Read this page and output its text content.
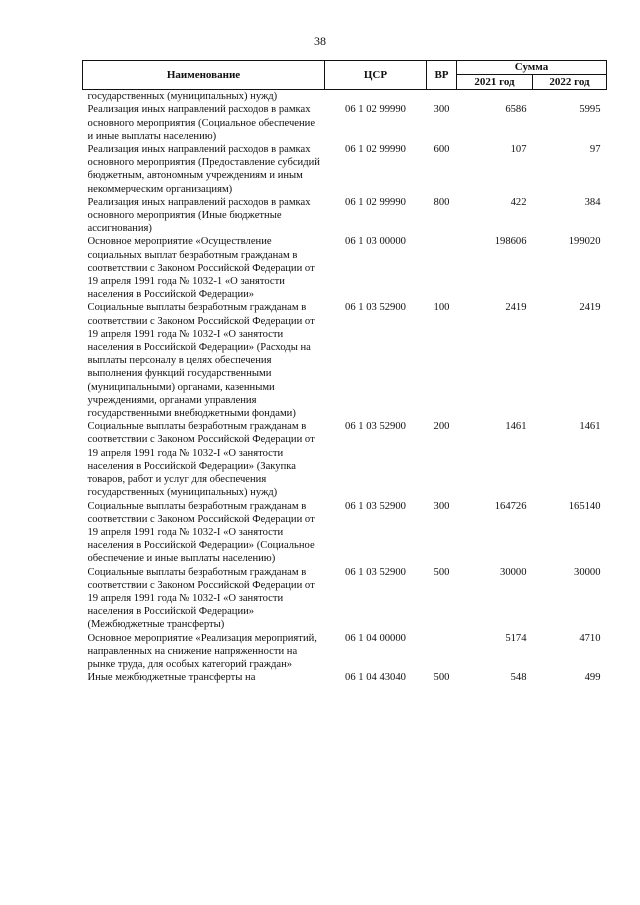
38
Наименование	ЦСР	ВР	Сумма	
			2021 год	2022 год
государственных (муниципальных) нужд)				
Реализация иных направлений расходов в рамках основного мероприятия (Социальное обеспечение и иные выплаты населению)	06 1 02 99990	300	6586	5995
Реализация иных направлений расходов в рамках основного мероприятия (Предоставление субсидий бюджетным, автономным учреждениям и иным некоммерческим организациям)	06 1 02 99990	600	107	97
Реализация иных направлений расходов в рамках основного мероприятия (Иные бюджетные ассигнования)	06 1 02 99990	800	422	384
Основное мероприятие «Осуществление социальных выплат безработным гражданам в соответствии с Законом Российской Федерации от 19 апреля 1991 года № 1032-1 «О занятости населения в Российской Федерации»	06 1 03 00000		198606	199020
Социальные выплаты безработным гражданам в соответствии с Законом Российской Федерации от 19 апреля 1991 года № 1032-I «О занятости населения в Российской Федерации» (Расходы на выплаты персоналу в целях обеспечения выполнения функций государственными (муниципальными) органами, казенными учреждениями, органами управления государственными внебюджетными фондами)	06 1 03 52900	100	2419	2419
Социальные выплаты безработным гражданам в соответствии с Законом Российской Федерации от 19 апреля 1991 года № 1032-I «О занятости населения в Российской Федерации» (Закупка товаров, работ и услуг для обеспечения государственных (муниципальных) нужд)	06 1 03 52900	200	1461	1461
Социальные выплаты безработным гражданам в соответствии с Законом Российской Федерации от 19 апреля 1991 года № 1032-I «О занятости населения в Российской Федерации» (Социальное обеспечение и иные выплаты населению)	06 1 03 52900	300	164726	165140
Социальные выплаты безработным гражданам в соответствии с Законом Российской Федерации от 19 апреля 1991 года № 1032-I «О занятости населения в Российской Федерации» (Межбюджетные трансферты)	06 1 03 52900	500	30000	30000
Основное мероприятие «Реализация мероприятий, направленных на снижение напряженности на рынке труда, для особых категорий граждан»	06 1 04 00000		5174	4710
Иные межбюджетные трансферты на	06 1 04 43040	500	548	499
